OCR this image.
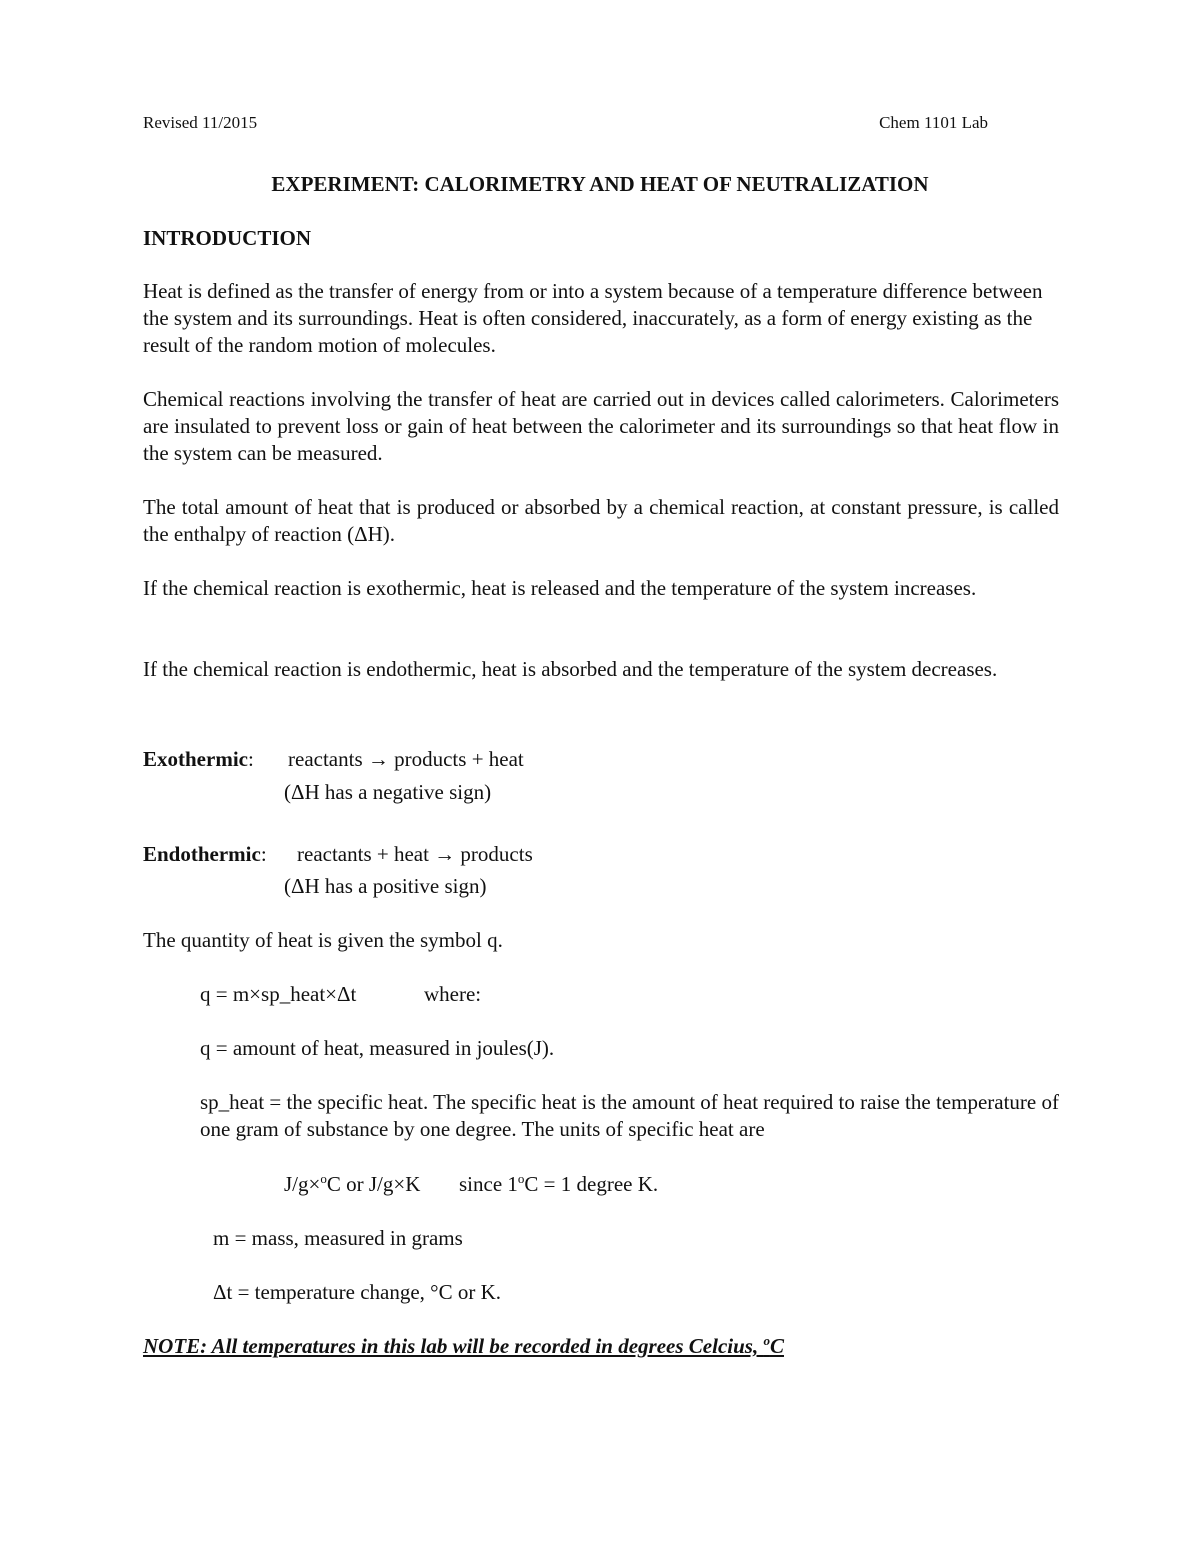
Revised 11/2015	Chem 1101 Lab
EXPERIMENT: CALORIMETRY AND HEAT OF NEUTRALIZATION
INTRODUCTION
Heat is defined as the transfer of energy from or into a system because of a temperature difference between the system and its surroundings. Heat is often considered, inaccurately, as a form of energy existing as the result of the random motion of molecules.
Chemical reactions involving the transfer of heat are carried out in devices called calorimeters. Calorimeters are insulated to prevent loss or gain of heat between the calorimeter and its surroundings so that heat flow in the system can be measured.
The total amount of heat that is produced or absorbed by a chemical reaction, at constant pressure, is called the enthalpy of reaction (ΔH).
If the chemical reaction is exothermic, heat is released and the temperature of the system increases.
If the chemical reaction is endothermic, heat is absorbed and the temperature of the system decreases.
Exothermic: reactants → products + heat
(ΔH has a negative sign)
Endothermic: reactants + heat → products
(ΔH has a positive sign)
The quantity of heat is given the symbol q.
q = m×sp_heat×Δt	where:
q = amount of heat, measured in joules(J).
sp_heat = the specific heat. The specific heat is the amount of heat required to raise the temperature of one gram of substance by one degree. The units of specific heat are
J/g×$^o$C or J/g×K since $1^oC = 1$ degree K.
m = mass, measured in grams
Δt = temperature change, °C or K.
NOTE: All temperatures in this lab will be recorded in degrees Celcius, $^o$C
